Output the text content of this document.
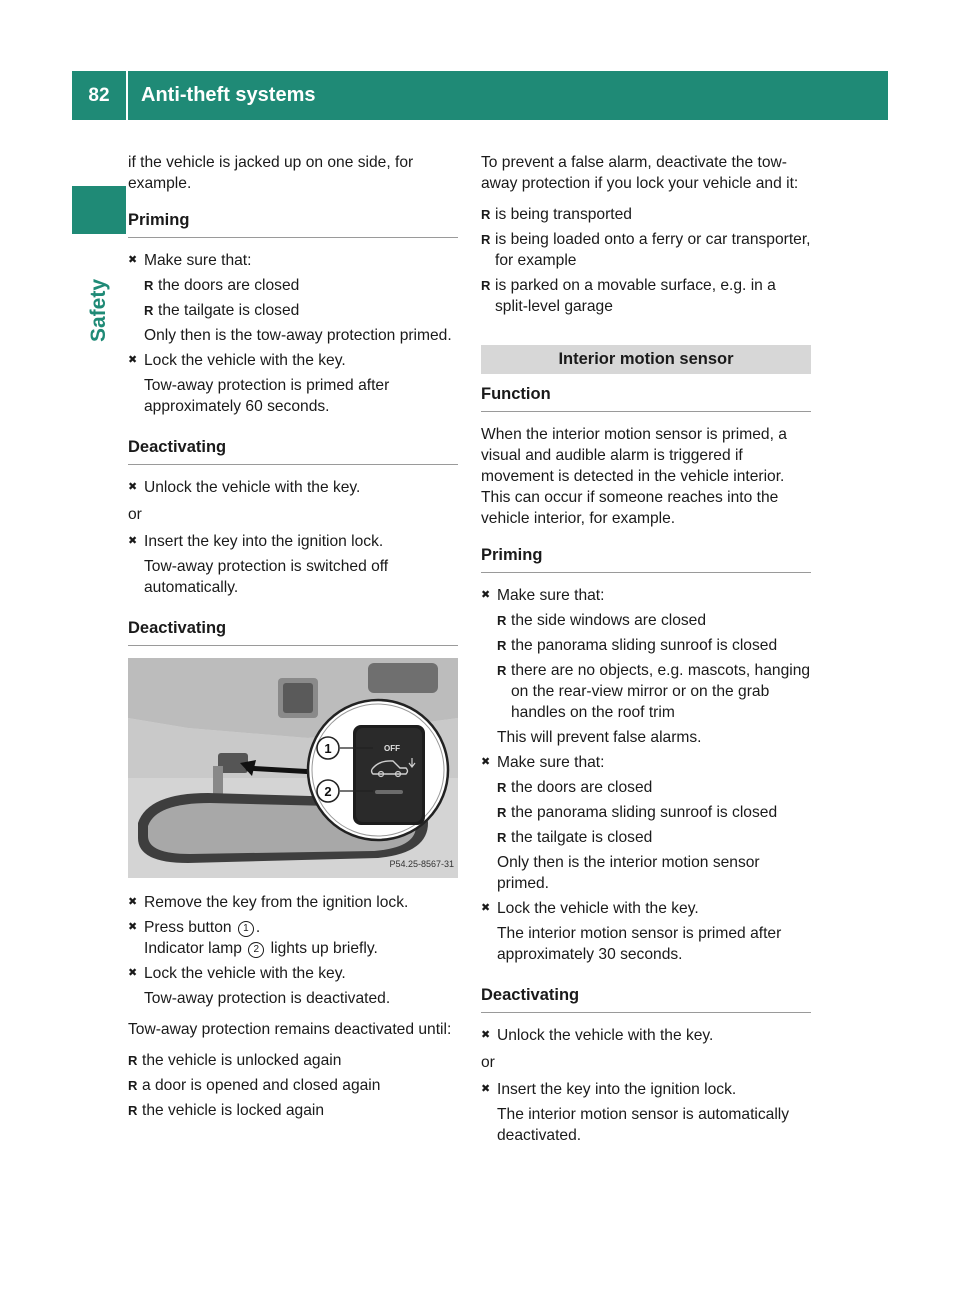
82	Anti-theft systems
Safety

if the vehicle is jacked up on one side, for example.

Priming
✖ Make sure that:
R the doors are closed
R the tailgate is closed

Only then is the tow-away protection primed.

✖ Lock the vehicle with the key.

Tow-away protection is primed after approximately 60 seconds.

Deactivating
✖ Unlock the vehicle with the key.

or

✖ Insert the key into the ignition lock.

Tow-away protection is switched off automatically.

Deactivating
OFF
1
2
P54.25-8567-31
✖ Remove the key from the ignition lock.
✖ Press button 1 .

Indicator lamp 2 lights up briefly.

✖ Lock the vehicle with the key.

Tow-away protection is deactivated.

Tow-away protection remains deactivated until:

R the vehicle is unlocked again
R a door is opened and closed again
R the vehicle is locked again

To prevent a false alarm, deactivate the tow-away protection if you lock your vehicle and it:

R is being transported
R is being loaded onto a ferry or car transporter, for example
R is parked on a movable surface, e.g. in a split-level garage
Interior motion sensor
Function

When the interior motion sensor is primed, a visual and audible alarm is triggered if movement is detected in the vehicle interior. This can occur if someone reaches into the vehicle interior, for example.

Priming
✖ Make sure that:
R the side windows are closed
R the panorama sliding sunroof is closed
R there are no objects, e.g. mascots, hanging on the rear-view mirror or on the grab handles on the roof trim

This will prevent false alarms.

✖ Make sure that:
R the doors are closed
R the panorama sliding sunroof is closed
R the tailgate is closed

Only then is the interior motion sensor primed.

✖ Lock the vehicle with the key.

The interior motion sensor is primed after approximately 30 seconds.

Deactivating
✖ Unlock the vehicle with the key.

or

✖ Insert the key into the ignition lock.

The interior motion sensor is automatically deactivated.
